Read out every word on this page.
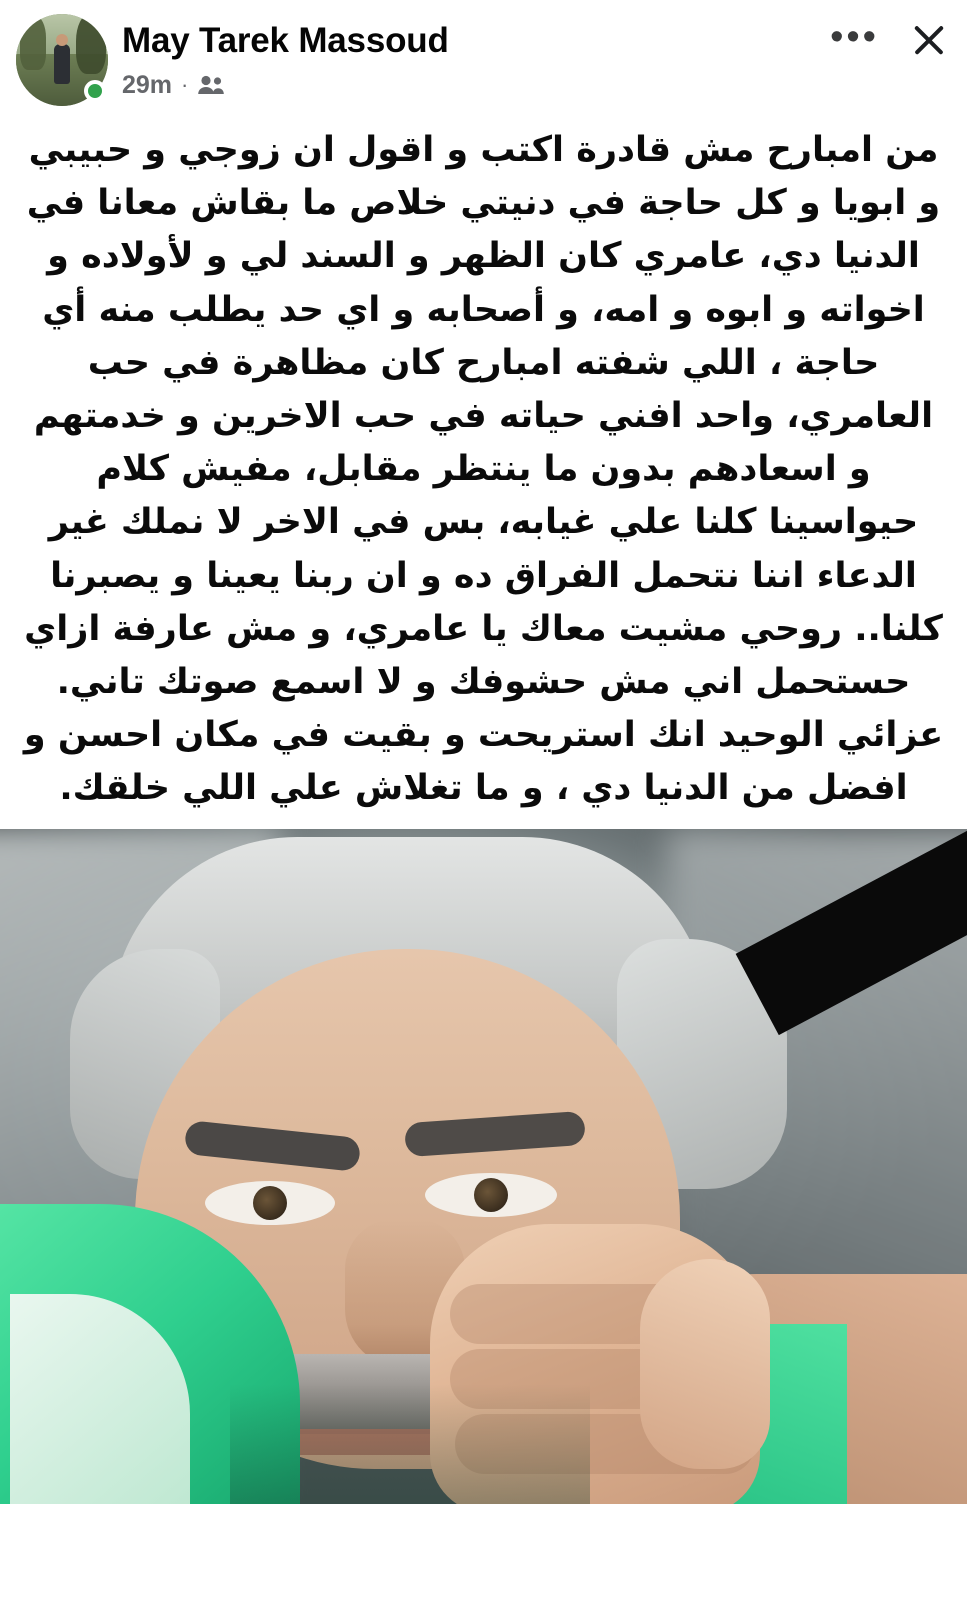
May Tarek Massoud
29m ·
•••
من امبارح مش قادرة اكتب و اقول ان زوجي و حبيبي و ابويا و كل حاجة في دنيتي خلاص ما بقاش معانا في الدنيا دي، عامري كان الظهر و السند لي و لأولاده و اخواته و ابوه و امه، و أصحابه و اي حد يطلب منه أي حاجة ، اللي شفته امبارح كان مظاهرة في حب العامري، واحد افني حياته في حب الاخرين و خدمتهم و اسعادهم بدون ما ينتظر مقابل، مفيش كلام حيواسينا كلنا علي غيابه، بس في الاخر لا نملك غير الدعاء اننا نتحمل الفراق ده و ان ربنا يعينا و يصبرنا كلنا.. روحي مشيت معاك يا عامري، و مش عارفة ازاي حستحمل اني مش حشوفك و لا اسمع صوتك تاني. عزائي الوحيد انك استريحت و بقيت في مكان احسن و افضل من الدنيا دي ، و ما تغلاش علي اللي خلقك.
